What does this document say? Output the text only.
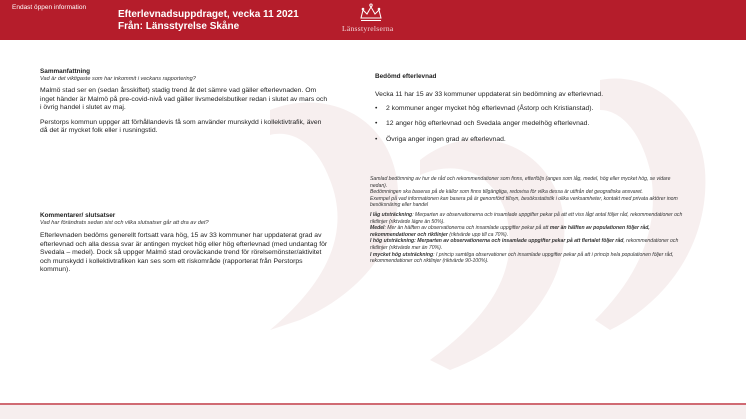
Endast öppen information
Efterlevnadsuppdraget, vecka 11 2021
Från: Länsstyrelse Skåne	Länsstyrelserna
Sammanfattning
Vad är det viktigaste som har inkommit i veckans rapportering?

Malmö stad ser en (sedan årsskiftet) stadig trend åt det sämre vad gäller efterlevnaden. Om inget händer är Malmö på pre-covid-nivå vad gäller livsmedelsbutiker redan i slutet av mars och i övrig handel i slutet av maj.

Perstorps kommun uppger att förhållandevis få som använder munskydd i kollektivtrafik, även då det är mycket folk eller i rusningstid.

Kommentarer/ slutsatser
Vad har förändrats sedan sist och vilka slutsatser går att dra av det?

Efterlevnaden bedöms generellt fortsatt vara hög, 15 av 33 kommuner har uppdaterat grad av efterlevnad och alla dessa svar är antingen mycket hög eller hög efterlevnad (med undantag för Svedala – medel). Dock så uppger Malmö stad oroväckande trend för rörelsemönster/aktivitet och munskydd i kollektivtrafiken kan ses som ett riskområde (rapporterat från Perstorps kommun).

Bedömd efterlevnad

Vecka 11 har 15 av 33 kommuner uppdaterat sin bedömning av efterlevnad.

• 2 kommuner anger mycket hög efterlevnad (Åstorp och Kristianstad).
• 12 anger hög efterlevnad och Svedala anger medelhög efterlevnad.
• Övriga anger ingen grad av efterlevnad.

Samlad bedömning av hur de råd och rekommendationer som finns, efterföljs (anges som låg, medel, hög eller mycket hög, se vidare nedan).

Bedömningen ska baseras på de källor som finns tillgängliga, redovisa för vilka dessa är utifrån det geografiska ansvaret.

Exempel på vad informationen kan basera på är genomförd tillsyn, besöksstatistik i olika verksamheter, kontakt med privata aktörer inom besöksnäring eller handel

I låg utsträckning: Merparten av observationerna och insamlade uppgifter pekar på att ett viss lågt antal följer råd, rekommendationer och riktlinjer (riktvärde lägre än 50%).

Medel: Mer än hälften av observationerna och insamlade uppgifter pekar på att mer än hälften av populationen följer råd, rekommendationer och riktlinjer (riktvärde upp till ca 70%).

I hög utsträckning: Merparten av observationerna och insamlade uppgifter pekar på att flertalet följer råd, rekommendationer och riktlinjer (riktvärde mer än 70%).

I mycket hög utsträckning: I princip samtliga observationer och insamlade uppgifter pekar på att i princip hela populationen följer råd, rekommendationer och riktlinjer (riktvärde 90-100%).
